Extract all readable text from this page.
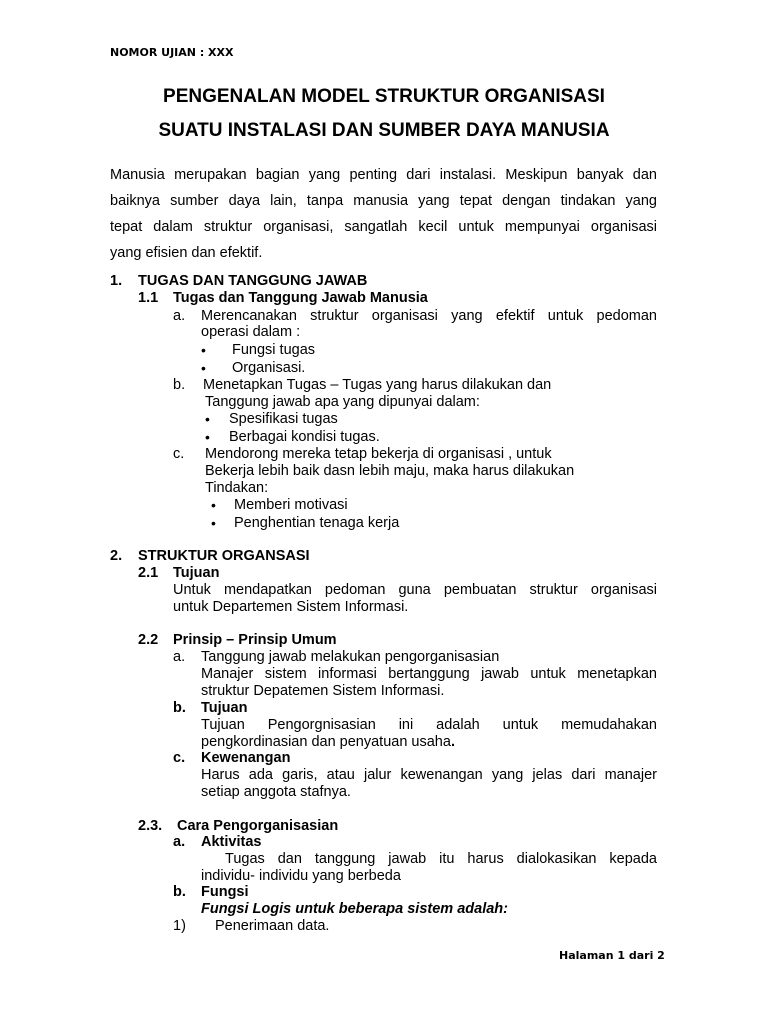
NOMOR UJIAN : XXX
PENGENALAN MODEL STRUKTUR ORGANISASI
SUATU INSTALASI DAN SUMBER DAYA MANUSIA
Manusia merupakan bagian yang penting dari instalasi. Meskipun banyak dan
baiknya sumber daya lain, tanpa manusia yang tepat dengan tindakan yang
tepat dalam struktur organisasi, sangatlah kecil untuk mempunyai organisasi
yang efisien dan efektif.
1. TUGAS DAN TANGGUNG JAWAB
1.1 Tugas dan Tanggung Jawab Manusia
a. Merencanakan struktur organisasi yang efektif untuk pedoman
operasi dalam :
• Fungsi tugas
• Organisasi.
b. Menetapkan Tugas – Tugas yang harus dilakukan dan
Tanggung jawab apa yang dipunyai dalam:
• Spesifikasi tugas
• Berbagai kondisi tugas.
c. Mendorong mereka tetap bekerja di organisasi , untuk
Bekerja lebih baik dasn lebih maju, maka harus dilakukan
Tindakan:
• Memberi motivasi
• Penghentian tenaga kerja
2. STRUKTUR ORGANSASI
2.1 Tujuan
Untuk mendapatkan pedoman guna pembuatan struktur organisasi
untuk Departemen Sistem Informasi.
2.2 Prinsip – Prinsip Umum
a. Tanggung jawab melakukan pengorganisasian
Manajer sistem informasi bertanggung jawab untuk menetapkan
struktur Depatemen Sistem Informasi.
b. Tujuan
Tujuan Pengorgnisasian ini adalah untuk memudahakan
pengkordinasian dan penyatuan usaha.
c. Kewenangan
Harus ada garis, atau jalur kewenangan yang jelas dari manajer
setiap anggota stafnya.
2.3. Cara Pengorganisasian
a. Aktivitas
Tugas dan tanggung jawab itu harus dialokasikan kepada
individu- individu yang berbeda
b. Fungsi
Fungsi Logis untuk beberapa sistem adalah:
1) Penerimaan data.
Halaman 1 dari 2
